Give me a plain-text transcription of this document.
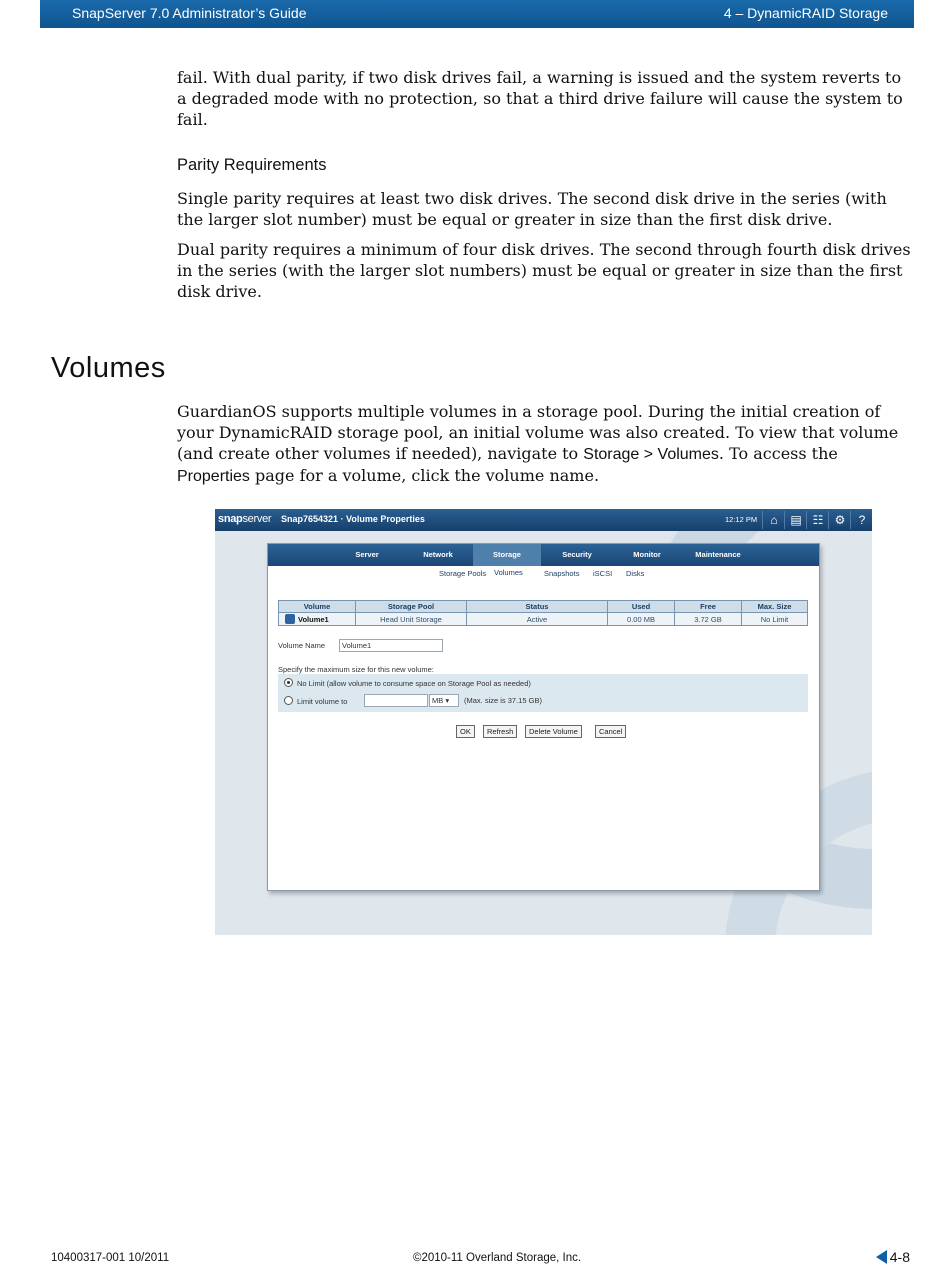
SnapServer 7.0 Administrator’s Guide	4 – DynamicRAID Storage

fail. With dual parity, if two disk drives fail, a warning is issued and the system reverts to a degraded mode with no protection, so that a third drive failure will cause the system to fail.

Parity Requirements

Single parity requires at least two disk drives. The second disk drive in the series (with the larger slot number) must be equal or greater in size than the first disk drive.

Dual parity requires a minimum of four disk drives. The second through fourth disk drives in the series (with the larger slot numbers) must be equal or greater in size than the first disk drive.

Volumes

GuardianOS supports multiple volumes in a storage pool. During the initial creation of your DynamicRAID storage pool, an initial volume was also created. To view that volume (and create other volumes if needed), navigate to Storage > Volumes. To access the Properties page for a volume, click the volume name.

snapserver Snap7654321 · Volume Properties	12:12 PM	⌂	▤ ☷ ⚙	?
Server	Network	Storage	Security	Monitor	Maintenance
Storage Pools Volumes	Snapshots iSCSI Disks
Volume	Storage Pool	Status	Used	Free	Max. Size
Volume1	Head Unit Storage	Active	0.00 MB	3.72 GB	No Limit
Volume Name	Volume1
Specify the maximum size for this new volume:
No Limit (allow volume to consume space on Storage Pool as needed)
Limit volume to	MB ▾	(Max. size is 37.15 GB)
OK	Refresh	Delete Volume	Cancel
10400317-001 10/2011	©2010-11 Overland Storage, Inc.	4-8
